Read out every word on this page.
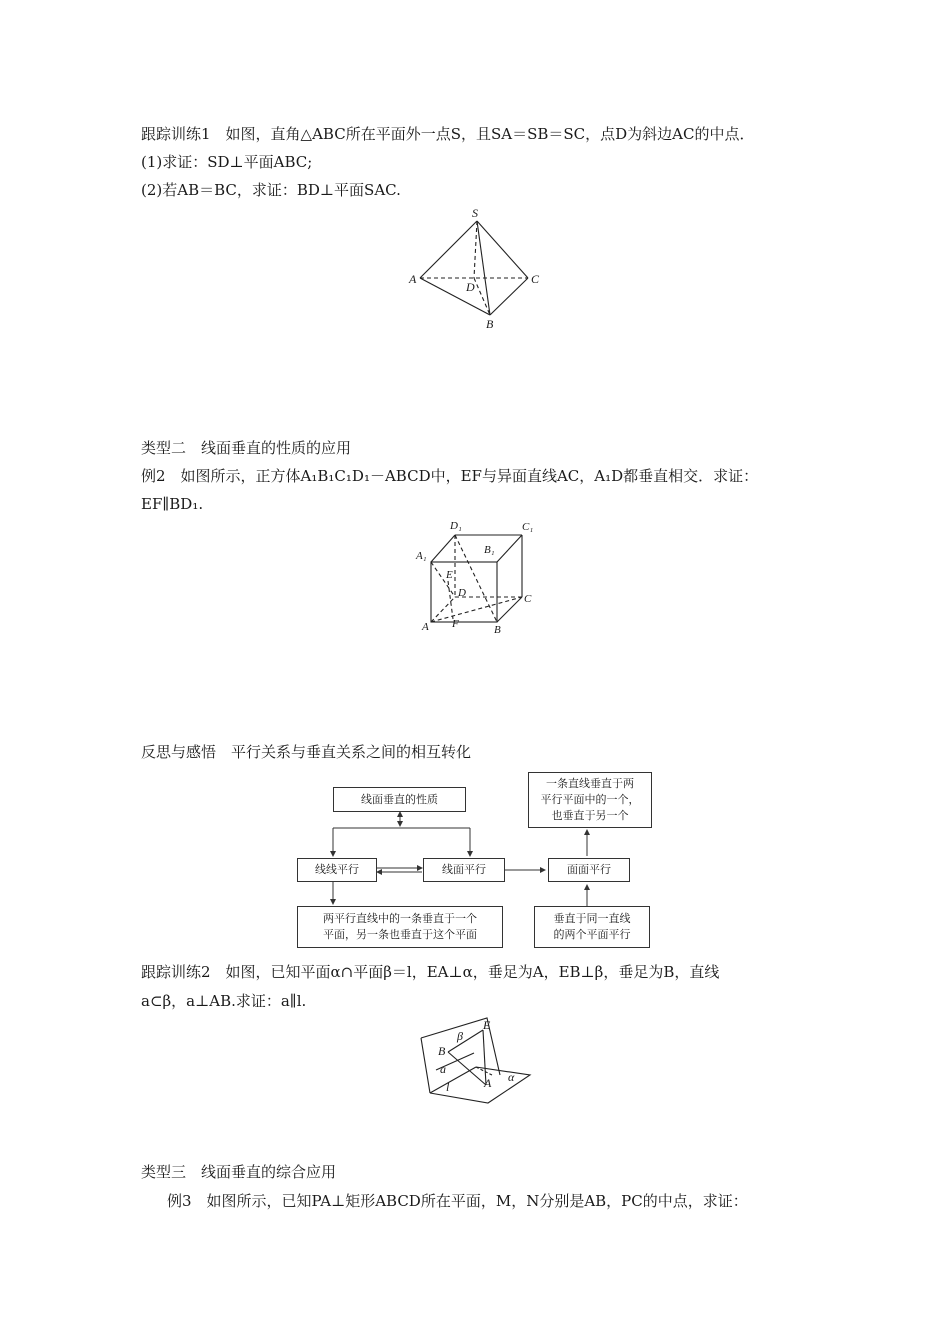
跟踪训练1　如图，直角△ABC所在平面外一点S，且SA＝SB＝SC，点D为斜边AC的中点．
(1)求证：SD⊥平面ABC;
(2)若AB＝BC，求证：BD⊥平面SAC.
S
A	C
D
B
类型二　线面垂直的性质的应用
例2　如图所示，正方体A₁B₁C₁D₁－ABCD中，EF与异面直线AC，A₁D都垂直相交．求证：
EF∥BD₁.
D₁	C₁
A₁	B₁
E
D	C
A F	B
反思与感悟　平行关系与垂直关系之间的相互转化
线面垂直的性质
线线平行	线面平行	面面平行
两平行直线中的一条垂直于一个
平面，另一条也垂直于这个平面
垂直于同一直线
的两个平面平行
一条直线垂直于两
平行平面中的一个，
也垂直于另一个
跟踪训练2　如图，已知平面α∩平面β＝l，EA⊥α，垂足为A，EB⊥β，垂足为B，直线
a⊂β，a⊥AB.求证：a∥l.
β
E
B
a
l	A α
类型三　线面垂直的综合应用
例3　如图所示，已知PA⊥矩形ABCD所在平面，M，N分别是AB，PC的中点，求证：
